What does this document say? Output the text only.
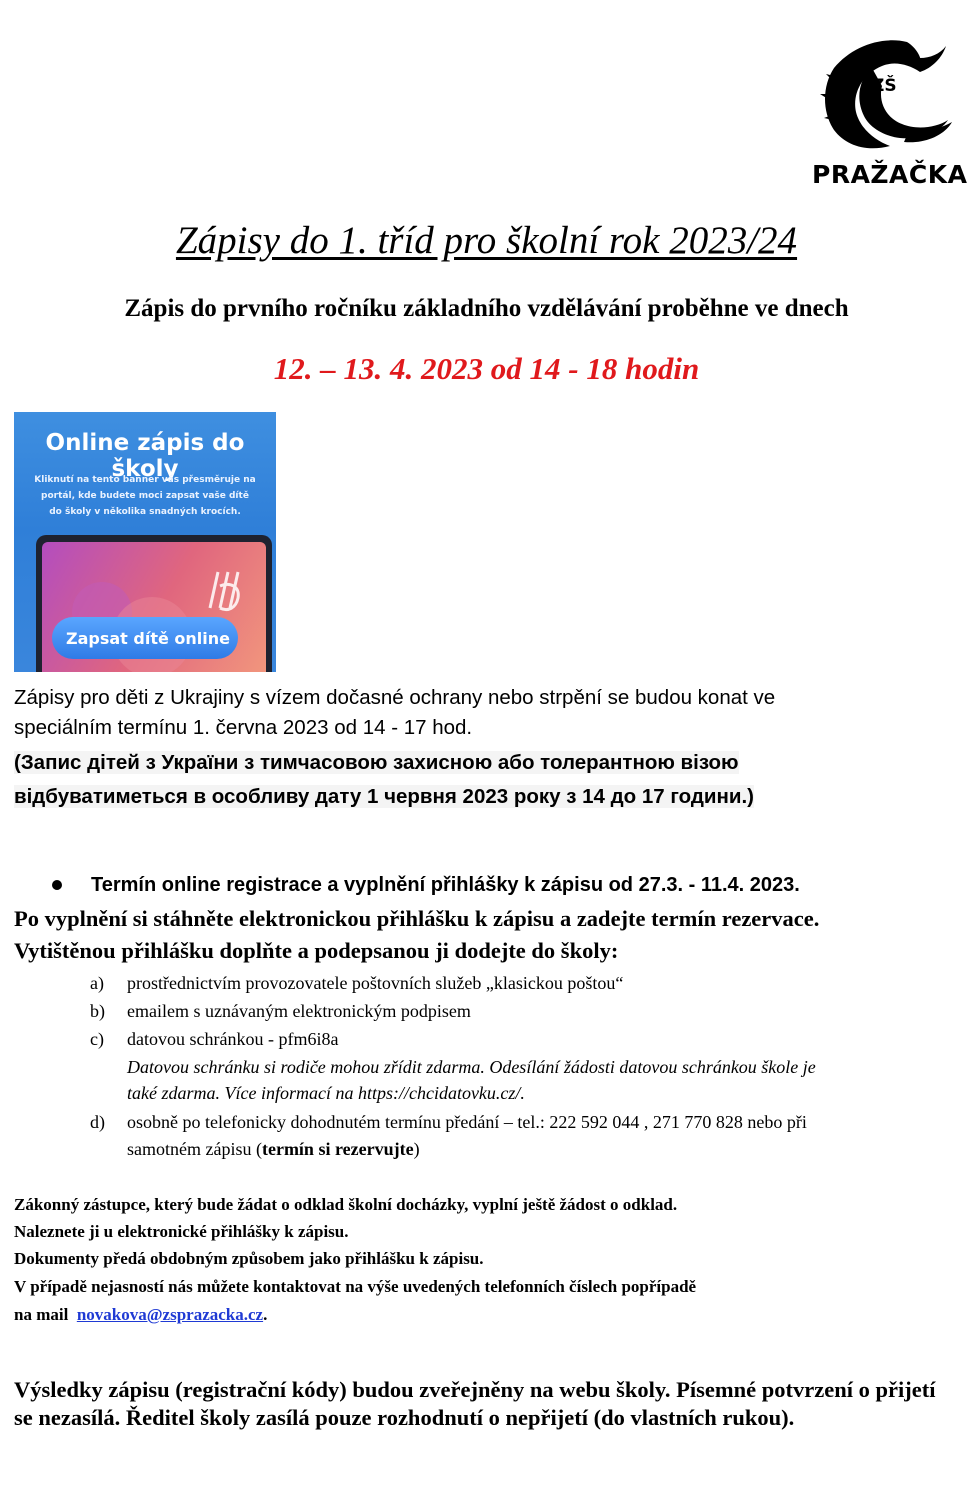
ZŠ
PRAŽAČKA
Zápisy do 1. tříd pro školní rok 2023/24
Zápis do prvního ročníku základního vzdělávání proběhne ve dnech
12. – 13. 4. 2023 od 14 - 18 hodin
Online zápis do školy
Kliknutí na tento banner vás přesměruje na portál, kde budete moci zapsat vaše dítě do školy v několika snadných krocích.
Zapsat dítě online
Zápisy pro děti z Ukrajiny s vízem dočasné ochrany nebo strpění se budou konat ve
speciálním termínu 1. června 2023 od 14 - 17 hod.
(Запис дітей з України з тимчасовою захисною або толерантною візою
відбуватиметься в особливу дату 1 червня 2023 року з 14 до 17 години.)
Termín online registrace a vyplnění přihlášky k zápisu od 27.3. - 11.4. 2023.
Po vyplnění si stáhněte elektronickou přihlášku k zápisu a zadejte termín rezervace.
Vytištěnou přihlášku doplňte a podepsanou ji dodejte do školy:
a) prostřednictvím provozovatele poštovních služeb „klasickou poštou“
b) emailem s uznávaným elektronickým podpisem
c) datovou schránkou - pfm6i8a
Datovou schránku si rodiče mohou zřídit zdarma. Odesílání žádosti datovou schránkou škole je
také zdarma. Více informací na https://chcidatovku.cz/.
d) osobně po telefonicky dohodnutém termínu předání – tel.: 222 592 044 , 271 770 828 nebo při
samotném zápisu (termín si rezervujte)
Zákonný zástupce, který bude žádat o odklad školní docházky, vyplní ještě žádost o odklad.
Naleznete ji u elektronické přihlášky k zápisu.
Dokumenty předá obdobným způsobem jako přihlášku k zápisu.
V případě nejasností nás můžete kontaktovat na výše uvedených telefonních číslech popřípadě
na mail novakova@zsprazacka.cz.
Výsledky zápisu (registrační kódy) budou zveřejněny na webu školy. Písemné potvrzení o přijetí se nezasílá. Ředitel školy zasílá pouze rozhodnutí o nepřijetí (do vlastních rukou).
